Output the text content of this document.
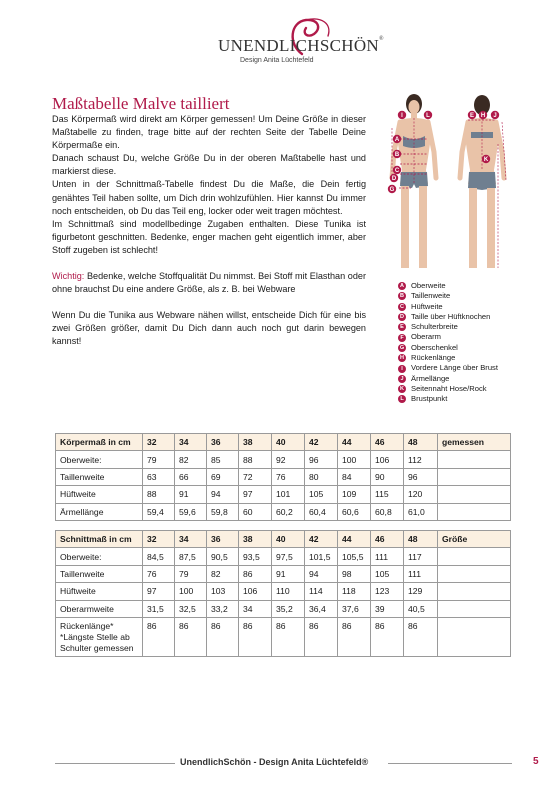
UNENDLICHSCHÖN®
Design Anita Lüchtefeld
Maßtabelle Malve tailliert

Das Körpermaß wird direkt am Körper gemessen! Um Deine Größe in dieser Maßtabelle zu finden, trage bitte auf der rechten Seite der Tabelle Deine Körpermaße ein.

Danach schaust Du, welche Größe Du in der oberen Maßtabelle hast und markierst diese.

Unten in der Schnittmaß-Tabelle findest Du die Maße, die Dein fertig genähtes Teil haben sollte, um Dich drin wohlzufühlen. Hier kannst Du immer noch entscheiden, ob Du das Teil eng, locker oder weit tragen möchtest.

Im Schnittmaß sind modellbedinge Zugaben enthalten. Diese Tunika ist figurbetont geschnitten. Bedenke, enger machen geht eigentlich immer, aber Stoff zugeben ist schlecht!

Wichtig: Bedenke, welche Stoffqualität Du nimmst. Bei Stoff mit Elasthan oder ohne brauchst Du eine andere Größe, als z. B. bei Webware

Wenn Du die Tunika aus Webware nähen willst, entscheide Dich für eine bis zwei Größen größer, damit Du Dich dann auch noch gut darin bewegen kannst!

I	L
A
B
C
D
G
E H J
K
A Oberweite
B Taillenweite
C Hüftweite
D Taille über Hüftknochen
E Schulterbreite
F Oberarm
G Oberschenkel
H Rückenlänge
I	Vordere Länge über Brust
J Ärmellänge
K Seitennaht Hose/Rock
L Brustpunkt
Körpermaß in cm	32	34	36	38	40	42	44	46	48	gemessen
Oberweite:	79	82	85	88	92	96	100	106	112	
Taillenweite	63	66	69	72	76	80	84	90	96	
Hüftweite	88	91	94	97	101	105	109	115	120	
Ärmellänge	59,4	59,6	59,8	60	60,2	60,4	60,6	60,8	61,0	
Schnittmaß in cm	32	34	36	38	40	42	44	46	48	Größe
Oberweite:	84,5	87,5	90,5	93,5	97,5	101,5	105,5	111	117	
Taillenweite	76	79	82	86	91	94	98	105	111	
Hüftweite	97	100	103	106	110	114	118	123	129	
Oberarmweite	31,5	32,5	33,2	34	35,2	36,4	37,6	39	40,5	

Rückenlänge*
*Längste Stelle ab
Schulter gemessen	86	86	86	86	86	86	86	86	86	
UnendlichSchön - Design Anita Lüchtefeld®	5
